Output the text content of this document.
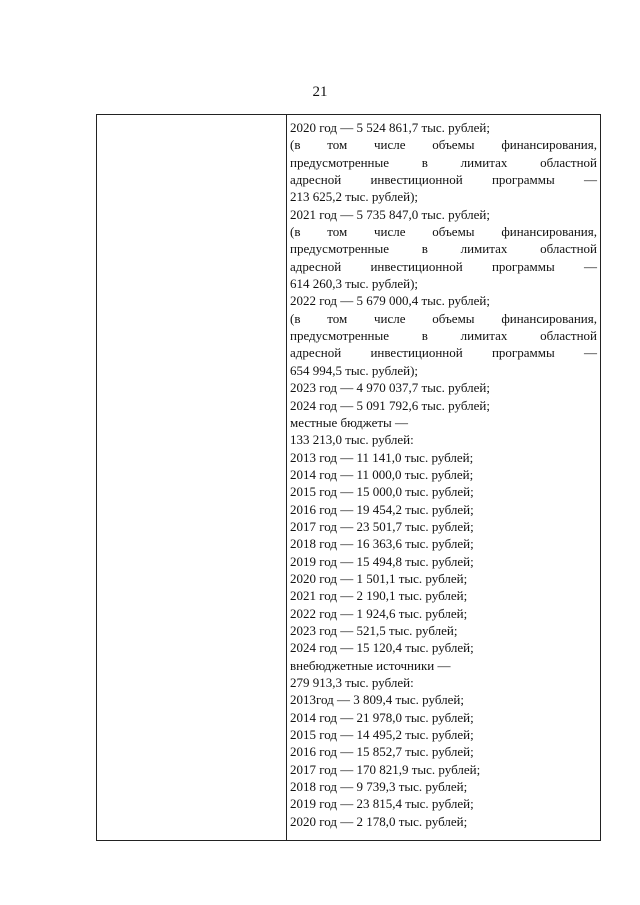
21
2020 год — 5 524 861,7 тыс. рублей;
(в том числе объемы финансирования,
предусмотренные	в	лимитах	областной
адресной инвестиционной программы —
213 625,2 тыс. рублей);
2021 год — 5 735 847,0 тыс. рублей;
(в том числе объемы финансирования,
предусмотренные	в	лимитах	областной
адресной инвестиционной программы —
614 260,3 тыс. рублей);
2022 год — 5 679 000,4 тыс. рублей;
(в том числе объемы финансирования,
предусмотренные	в	лимитах	областной
адресной инвестиционной программы —
654 994,5 тыс. рублей);
2023 год — 4 970 037,7 тыс. рублей;
2024 год — 5 091 792,6 тыс. рублей;
местные бюджеты —
133 213,0 тыс. рублей:
2013 год — 11 141,0 тыс. рублей;
2014 год — 11 000,0 тыс. рублей;
2015 год — 15 000,0 тыс. рублей;
2016 год — 19 454,2 тыс. рублей;
2017 год — 23 501,7 тыс. рублей;
2018 год — 16 363,6 тыс. рублей;
2019 год — 15 494,8 тыс. рублей;
2020 год — 1 501,1 тыс. рублей;
2021 год — 2 190,1 тыс. рублей;
2022 год — 1 924,6 тыс. рублей;
2023 год — 521,5 тыс. рублей;
2024 год — 15 120,4 тыс. рублей;
внебюджетные источники —
279 913,3 тыс. рублей:
2013год — 3 809,4 тыс. рублей;
2014 год — 21 978,0 тыс. рублей;
2015 год — 14 495,2 тыс. рублей;
2016 год — 15 852,7 тыс. рублей;
2017 год — 170 821,9 тыс. рублей;
2018 год — 9 739,3 тыс. рублей;
2019 год — 23 815,4 тыс. рублей;
2020 год — 2 178,0 тыс. рублей;
